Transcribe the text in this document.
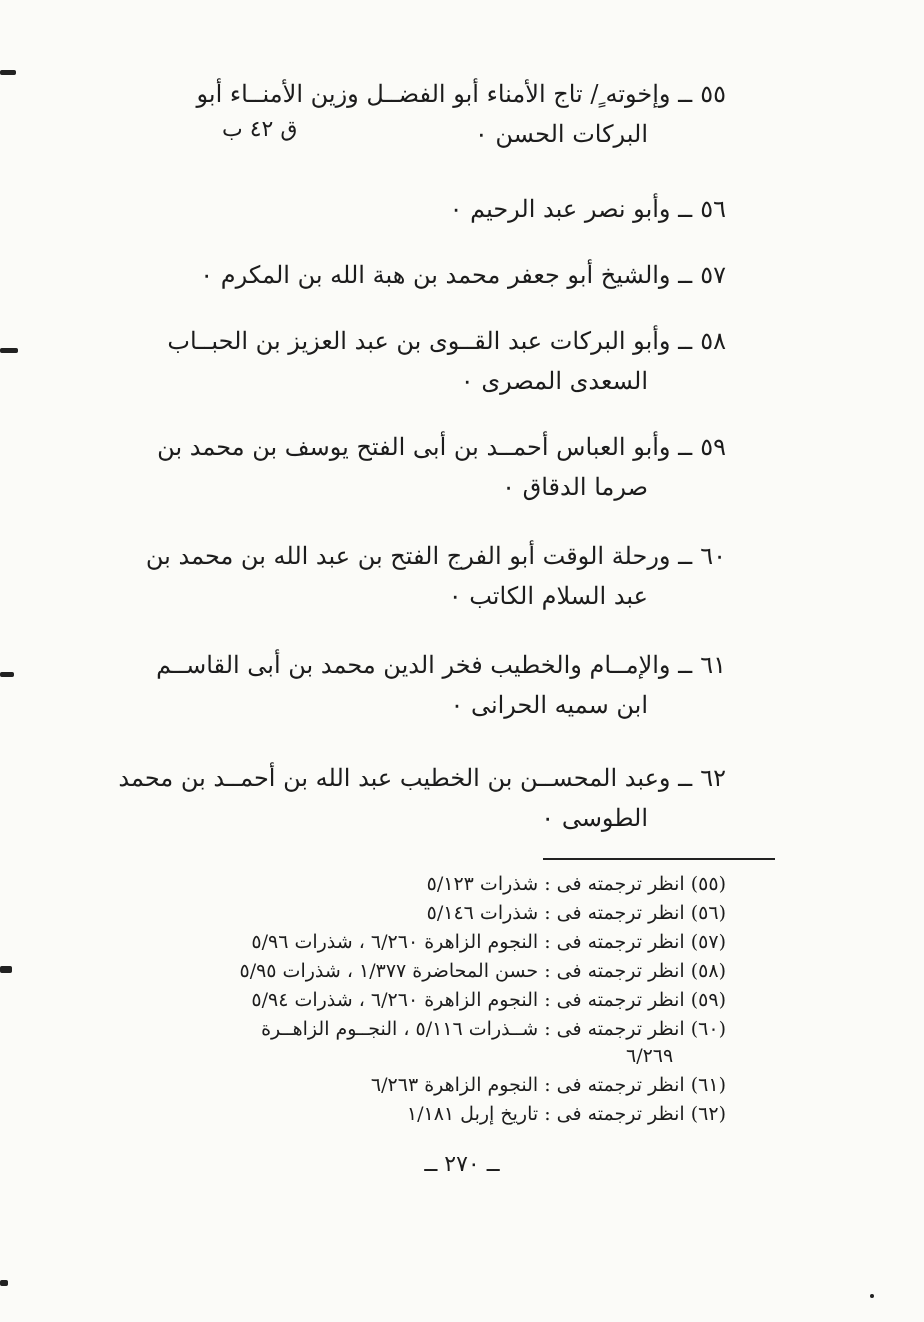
٥٥ــ وإخوته ٍ/ تاج الأمناء أبو الفضــل وزين الأمنــاء أبو
البركات الحسن ٠
ق ٤٢ ب
٥٦ــ وأبو نصر عبد الرحيم ٠
٥٧ــ والشيخ أبو جعفر محمد بن هبة الله بن المكرم ٠
٥٨ــ وأبو البركات عبد القــوى بن عبد العزيز بن الحبــاب
السعدى المصرى ٠
٥٩ــ وأبو العباس أحمــد بن أبى الفتح يوسف بن محمد بن
صرما الدقاق ٠
٦٠ــ ورحلة الوقت أبو الفرج الفتح بن عبد الله بن محمد بن
عبد السلام الكاتب ٠
٦١ــ والإمــام والخطيب فخر الدين محمد بن أبى القاســم
ابن سميه الحرانى ٠
٦٢ــ وعبد المحســن بن الخطيب عبد الله بن أحمــد بن محمد
الطوسى ٠
(٥٥) انظر ترجمته فى : شذرات ٥/١٢٣
(٥٦) انظر ترجمته فى : شذرات ٥/١٤٦
(٥٧) انظر ترجمته فى : النجوم الزاهرة ٦/٢٦٠ ، شذرات ٥/٩٦
(٥٨) انظر ترجمته فى : حسن المحاضرة ١/٣٧٧ ، شذرات ٥/٩٥
(٥٩) انظر ترجمته فى : النجوم الزاهرة ٦/٢٦٠ ، شذرات ٥/٩٤
(٦٠) انظر ترجمته فى : شــذرات ٥/١١٦ ، النجــوم الزاهــرة
٦/٢٦٩
(٦١) انظر ترجمته فى : النجوم الزاهرة ٦/٢٦٣
(٦٢) انظر ترجمته فى : تاريخ إربل ١/١٨١
ــ ٢٧٠ ــ
